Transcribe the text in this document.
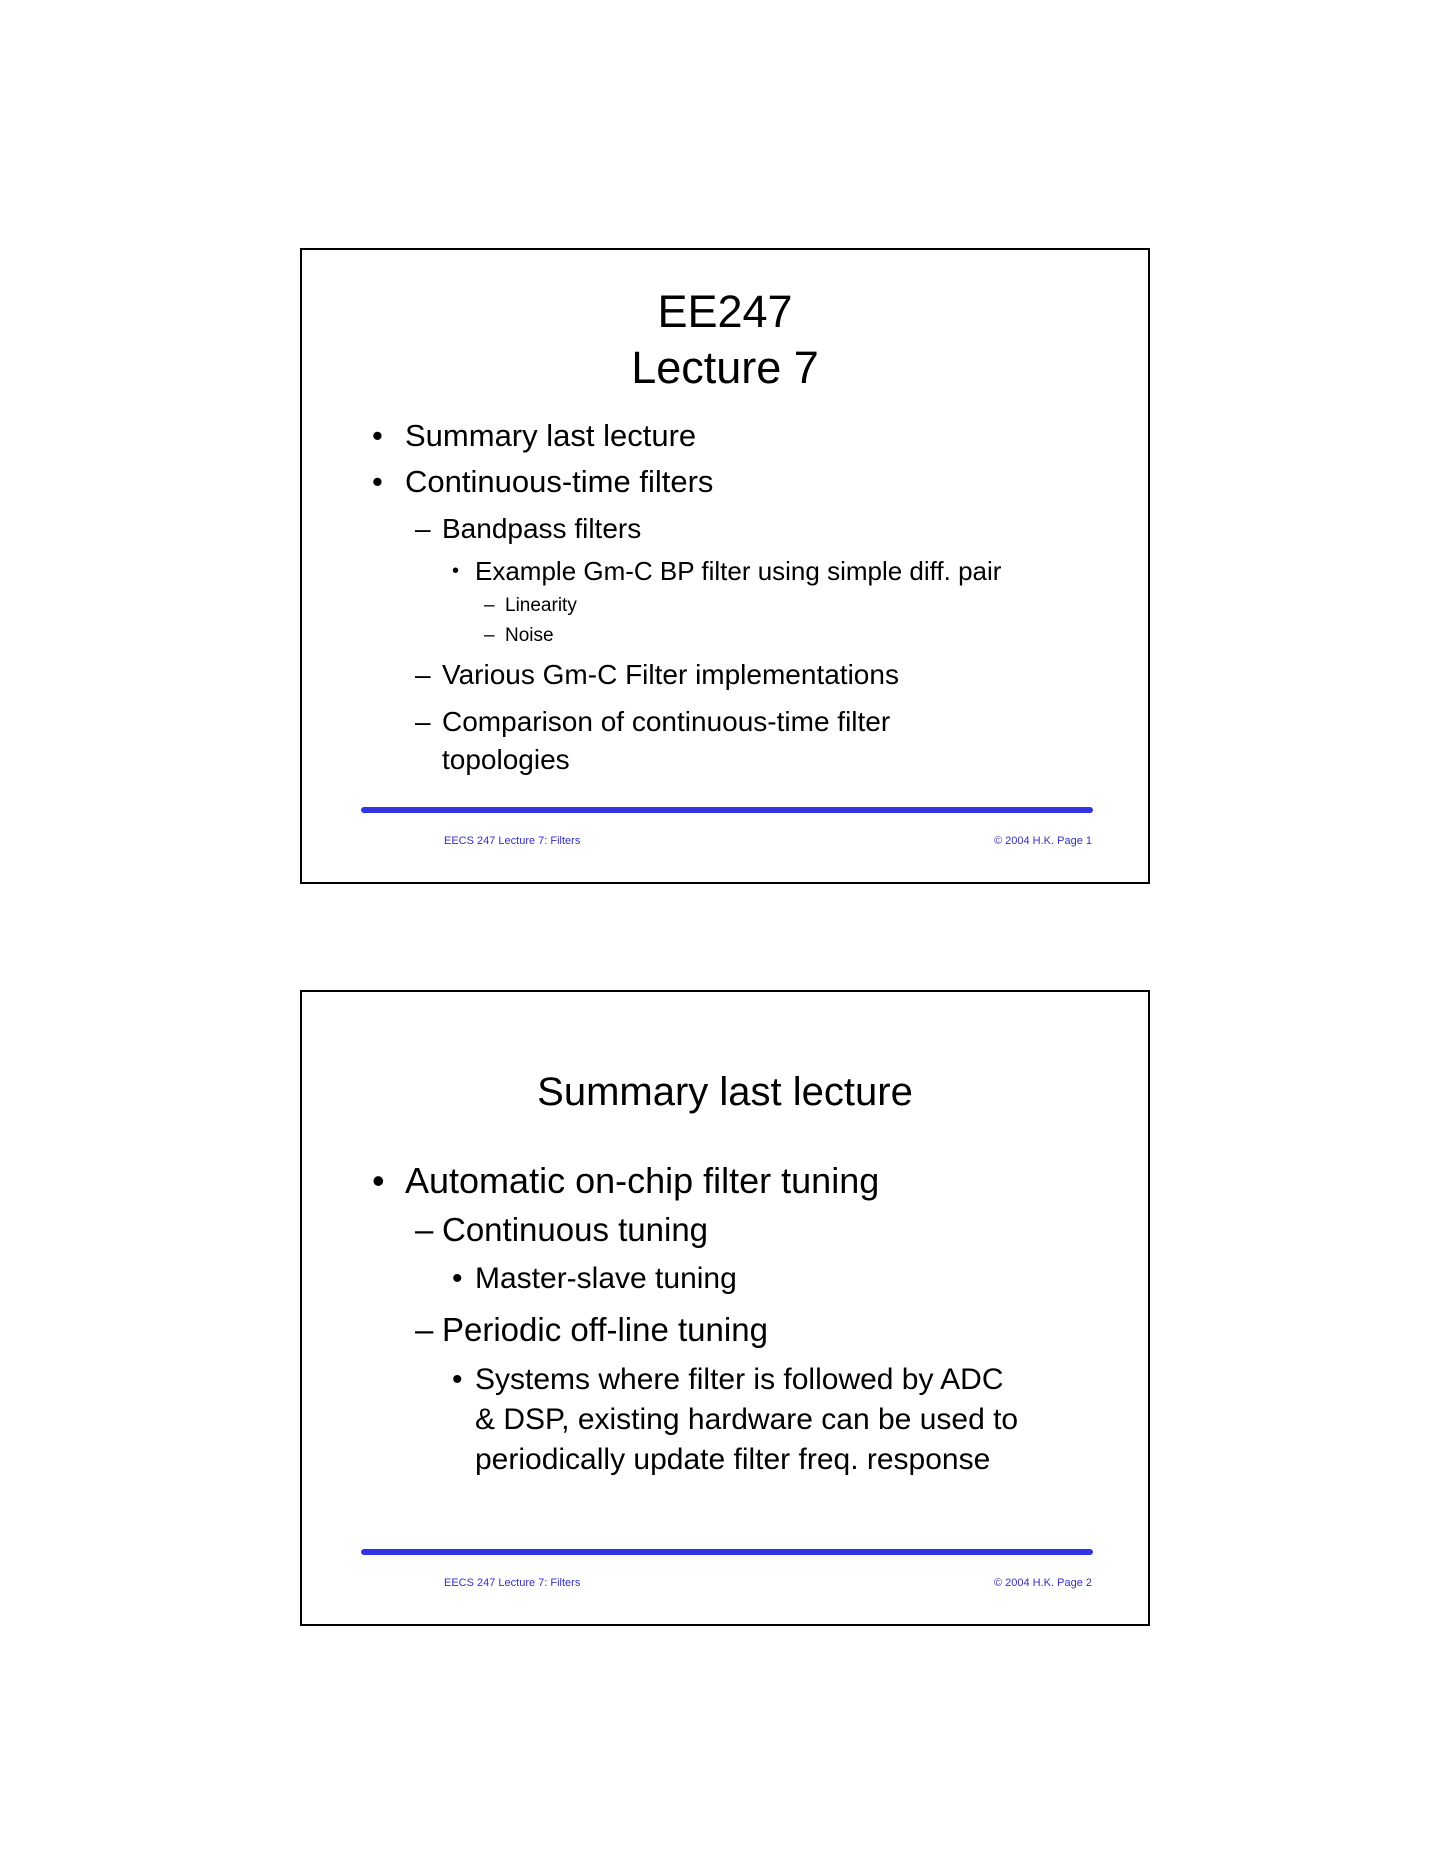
EE247
Lecture 7
• Summary last lecture
• Continuous-time filters
– Bandpass filters
• Example Gm-C BP filter using simple diff. pair
– Linearity
– Noise
– Various Gm-C Filter implementations
– Comparison of continuous-time filter
topologies
EECS 247 Lecture 7: Filters	© 2004 H.K. Page 1
Summary last lecture
• Automatic on-chip filter tuning
– Continuous tuning
• Master-slave tuning
– Periodic off-line tuning
• Systems where filter is followed by ADC
& DSP, existing hardware can be used to
periodically update filter freq. response
EECS 247 Lecture 7: Filters	© 2004 H.K. Page 2
